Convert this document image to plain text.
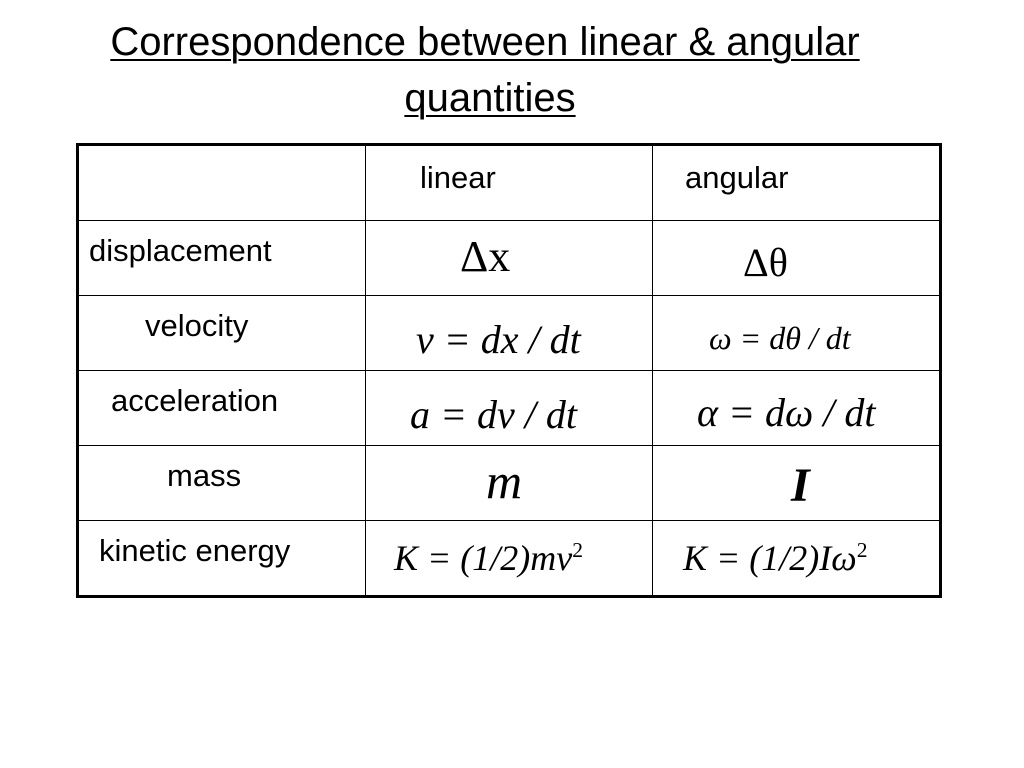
Correspondence between linear & angular
quantities

	linear	angular

displacement	Δx	Δθ

velocity	v = dx / dt	ω = dθ / dt

acceleration	a = dv / dt	α = dω / dt

mass	m	I

kinetic energy	$K = (1/2)mv^2$	$K = (1/2)I\omega^2$
